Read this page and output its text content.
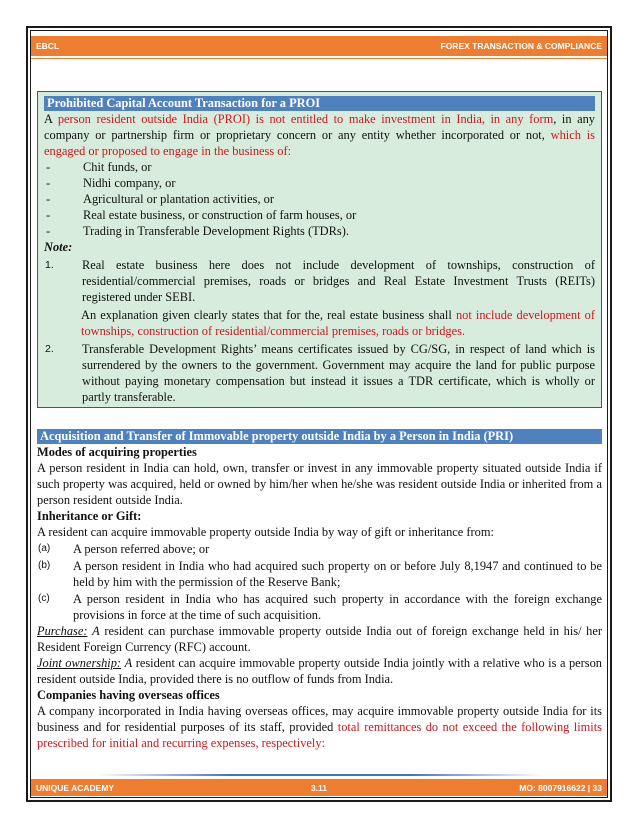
EBCL	FOREX TRANSACTION & COMPLIANCE
Prohibited Capital Account Transaction for a PROI

A person resident outside India (PROI) is not entitled to make investment in India, in any form, in any company or partnership firm or proprietary concern or any entity whether incorporated or not, which is engaged or proposed to engage in the business of:

-	Chit funds, or
-	Nidhi company, or
-	Agricultural or plantation activities, or
-	Real estate business, or construction of farm houses, or
-	Trading in Transferable Development Rights (TDRs).
Note:
1.	Real estate business here does not include development of townships, construction of residential/commercial premises, roads or bridges and Real Estate Investment Trusts (REITs) registered under SEBI.

An explanation given clearly states that for the, real estate business shall not include development of townships, construction of residential/commercial premises, roads or bridges.

2.	Transferable Development Rights’ means certificates issued by CG/SG, in respect of land which is surrendered by the owners to the government. Government may acquire the land for public purpose without paying monetary compensation but instead it issues a TDR certificate, which is wholly or partly transferable.
Acquisition and Transfer of Immovable property outside India by a Person in India (PRI)

Modes of acquiring properties

A person resident in India can hold, own, transfer or invest in any immovable property situated outside India if such property was acquired, held or owned by him/her when he/she was resident outside India or inherited from a person resident outside India.

Inheritance or Gift:

A resident can acquire immovable property outside India by way of gift or inheritance from:

(a)	A person referred above; or
(b)	A person resident in India who had acquired such property on or before July 8,1947 and continued to be held by him with the permission of the Reserve Bank;
(c)	A person resident in India who has acquired such property in accordance with the foreign exchange provisions in force at the time of such acquisition.

Purchase: A resident can purchase immovable property outside India out of foreign exchange held in his/ her Resident Foreign Currency (RFC) account.

Joint ownership: A resident can acquire immovable property outside India jointly with a relative who is a person resident outside India, provided there is no outflow of funds from India.

Companies having overseas offices

A company incorporated in India having overseas offices, may acquire immovable property outside India for its business and for residential purposes of its staff, provided total remittances do not exceed the following limits prescribed for initial and recurring expenses, respectively:

UNIQUE ACADEMY	3.11	MO: 8007916622 | 33
